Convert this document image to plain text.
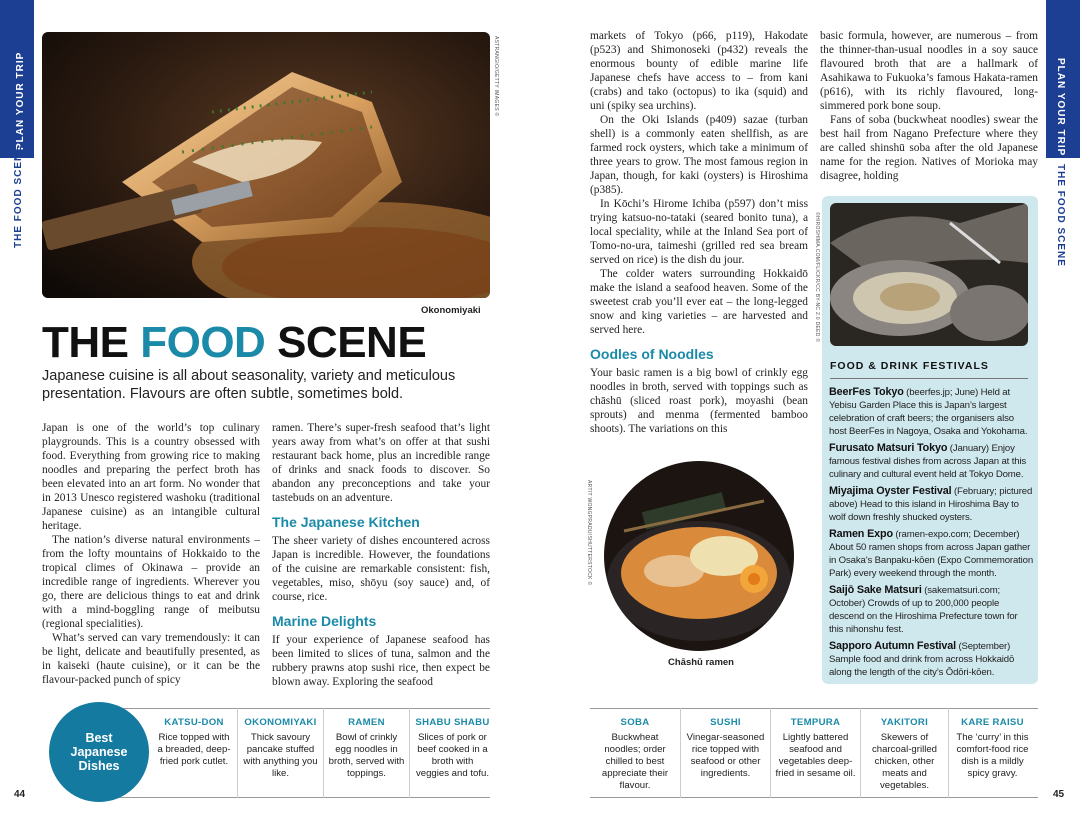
PLAN YOUR TRIP
THE FOOD SCENE
PLAN YOUR TRIP
THE FOOD SCENE
ASTRANGIO/GETTY IMAGES ©
Okonomiyaki
THE FOOD SCENE
Japanese cuisine is all about seasonality, variety and meticulous presentation. Flavours are often subtle, sometimes bold.

Japan is one of the world’s top culinary playgrounds. This is a country obsessed with food. Everything from growing rice to making noodles and preparing the perfect broth has been elevated into an art form. No wonder that in 2013 Unesco registered washoku (traditional Japanese cuisine) as an intangible cultural heritage.

The nation’s diverse natural environments – from the lofty mountains of Hokkaido to the tropical climes of Okinawa – provide an incredible range of ingredients. Wherever you go, there are delicious things to eat and drink with a mind-boggling range of meibutsu (regional specialities).

What’s served can vary tremendously: it can be light, delicate and beautifully presented, as in kaiseki (haute cuisine), or it can be the flavour-packed punch of spicy

ramen. There’s super-fresh seafood that’s light years away from what’s on offer at that sushi restaurant back home, plus an incredible range of drinks and snack foods to discover. So abandon any preconceptions and take your tastebuds on an adventure.

The Japanese Kitchen

The sheer variety of dishes encountered across Japan is incredible. However, the foundations of the cuisine are remarkable consistent: fish, vegetables, miso, shōyu (soy sauce) and, of course, rice.

Marine Delights

If your experience of Japanese seafood has been limited to slices of tuna, salmon and the rubbery prawns atop sushi rice, then expect be blown away. Exploring the seafood

markets of Tokyo (p66, p119), Hakodate (p523) and Shimonoseki (p432) reveals the enormous bounty of edible marine life Japanese chefs have access to – from kani (crabs) and tako (octopus) to ika (squid) and uni (spiky sea urchins).

On the Oki Islands (p409) sazae (turban shell) is a commonly eaten shellfish, as are farmed rock oysters, which take a minimum of three years to grow. The most famous region in Japan, though, for kaki (oysters) is Hiroshima (p385).

In Kōchi’s Hirome Ichiba (p597) don’t miss trying katsuo-no-tataki (seared bonito tuna), a local speciality, while at the Inland Sea port of Tomo-no-ura, taimeshi (grilled red sea bream served on rice) is the dish du jour.

The colder waters surrounding Hokkaidō make the island a seafood heaven. Some of the sweetest crab you’ll ever eat – the long-legged snow and king varieties – are harvested and served here.

Oodles of Noodles

Your basic ramen is a big bowl of crinkly egg noodles in broth, served with toppings such as chāshū (sliced roast pork), moyashi (bean sprouts) and menma (fermented bamboo shoots). The variations on this

basic formula, however, are numerous – from the thinner-than-usual noodles in a soy sauce flavoured broth that are a hallmark of Asahikawa to Fukuoka’s famous Hakata-ramen (p616), with its richly flavoured, long-simmered pork bone soup.

Fans of soba (buckwheat noodles) swear the best hail from Nagano Prefecture where they are called shinshū soba after the old Japanese name for the region. Natives of Morioka may disagree, holding

ARTIT WONGPRADU/SHUTTERSTOCK ©
Chāshū ramen
©HIROSHIMA.COM/FLICKR/CC BY-NC 2.0 DEED ©
FOOD & DRINK FESTIVALS
BeerFes Tokyo (beerfes.jp; June) Held at Yebisu Garden Place this is Japan’s largest celebration of craft beers; the organisers also host BeerFes in Nagoya, Osaka and Yokohama.
Furusato Matsuri Tokyo (January) Enjoy famous festival dishes from across Japan at this culinary and cultural event held at Tokyo Dome.
Miyajima Oyster Festival (February; pictured above) Head to this island in Hiroshima Bay to wolf down freshly shucked oysters.
Ramen Expo (ramen-expo.com; December) About 50 ramen shops from across Japan gather in Osaka’s Banpaku-kōen (Expo Commemoration Park) every weekend through the month.
Saijō Sake Matsuri (sakematsuri.com; October) Crowds of up to 200,000 people descend on the Hiroshima Prefecture town for this nihonshu fest.
Sapporo Autumn Festival (September) Sample food and drink from across Hokkaidō along the length of the city’s Ōdōri-kōen.
Best Japanese Dishes
KATSU-DON
Rice topped with a breaded, deep-fried pork cutlet.
OKONOMIYAKI
Thick savoury pancake stuffed with anything you like.
RAMEN
Bowl of crinkly egg noodles in broth, served with toppings.
SHABU SHABU
Slices of pork or beef cooked in a broth with veggies and tofu.
SOBA
Buckwheat noodles; order chilled to best appreciate their flavour.
SUSHI
Vinegar-seasoned rice topped with seafood or other ingredients.
TEMPURA
Lightly battered seafood and vegetables deep-fried in sesame oil.
YAKITORI
Skewers of charcoal-grilled chicken, other meats and vegetables.
KARE RAISU
The ‘curry’ in this comfort-food rice dish is a mildly spicy gravy.
44	45
